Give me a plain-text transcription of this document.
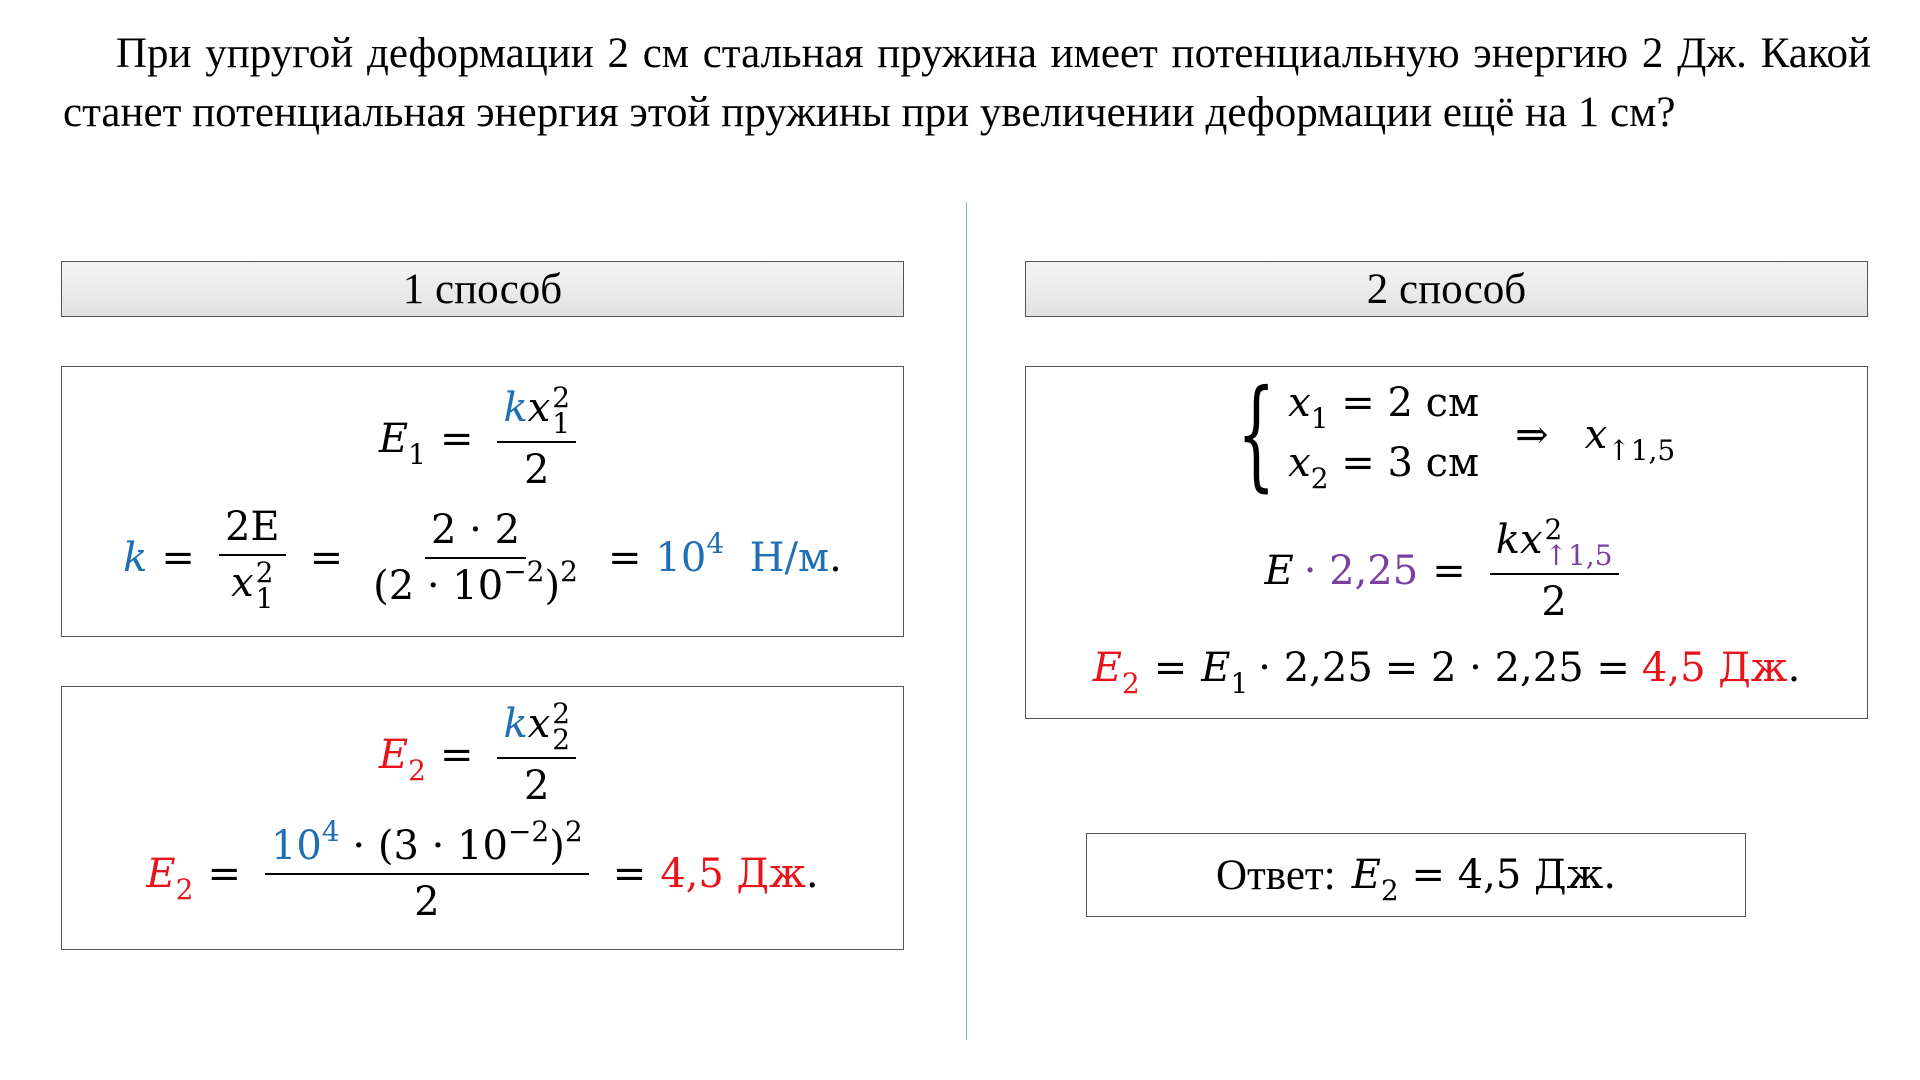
При упругой деформации 2 см стальная пружина имеет потенциальную энергию 2 Дж. Какой станет потенциальная энергия этой пружины при увеличении деформации ещё на 1 см?
1 способ
$E_1$ = kx 2
1
2
k = 2E
x 2
$1 = \frac{2 \cdot 2}{(2 \cdot 10^{-2})^2} = 10^4$ Н/м .
$E_2$ = kx 2
2
2
$E_2 = \frac{10^4 \cdot (3 \cdot 10^{-2})^2}{2} = 4,5$ Дж .
2 способ
{ $x_1 = 2$ см
$x_2 = 3$ см
⇒ $x_{↑1,5}$
E · 2,25 = kx 2
↑1,5
2
$E_2 = E_1 \cdot 2,25 = 2 \cdot 2,25 = 4,5$ Дж .
Ответ: $E_2 = 4,5$ Дж.
